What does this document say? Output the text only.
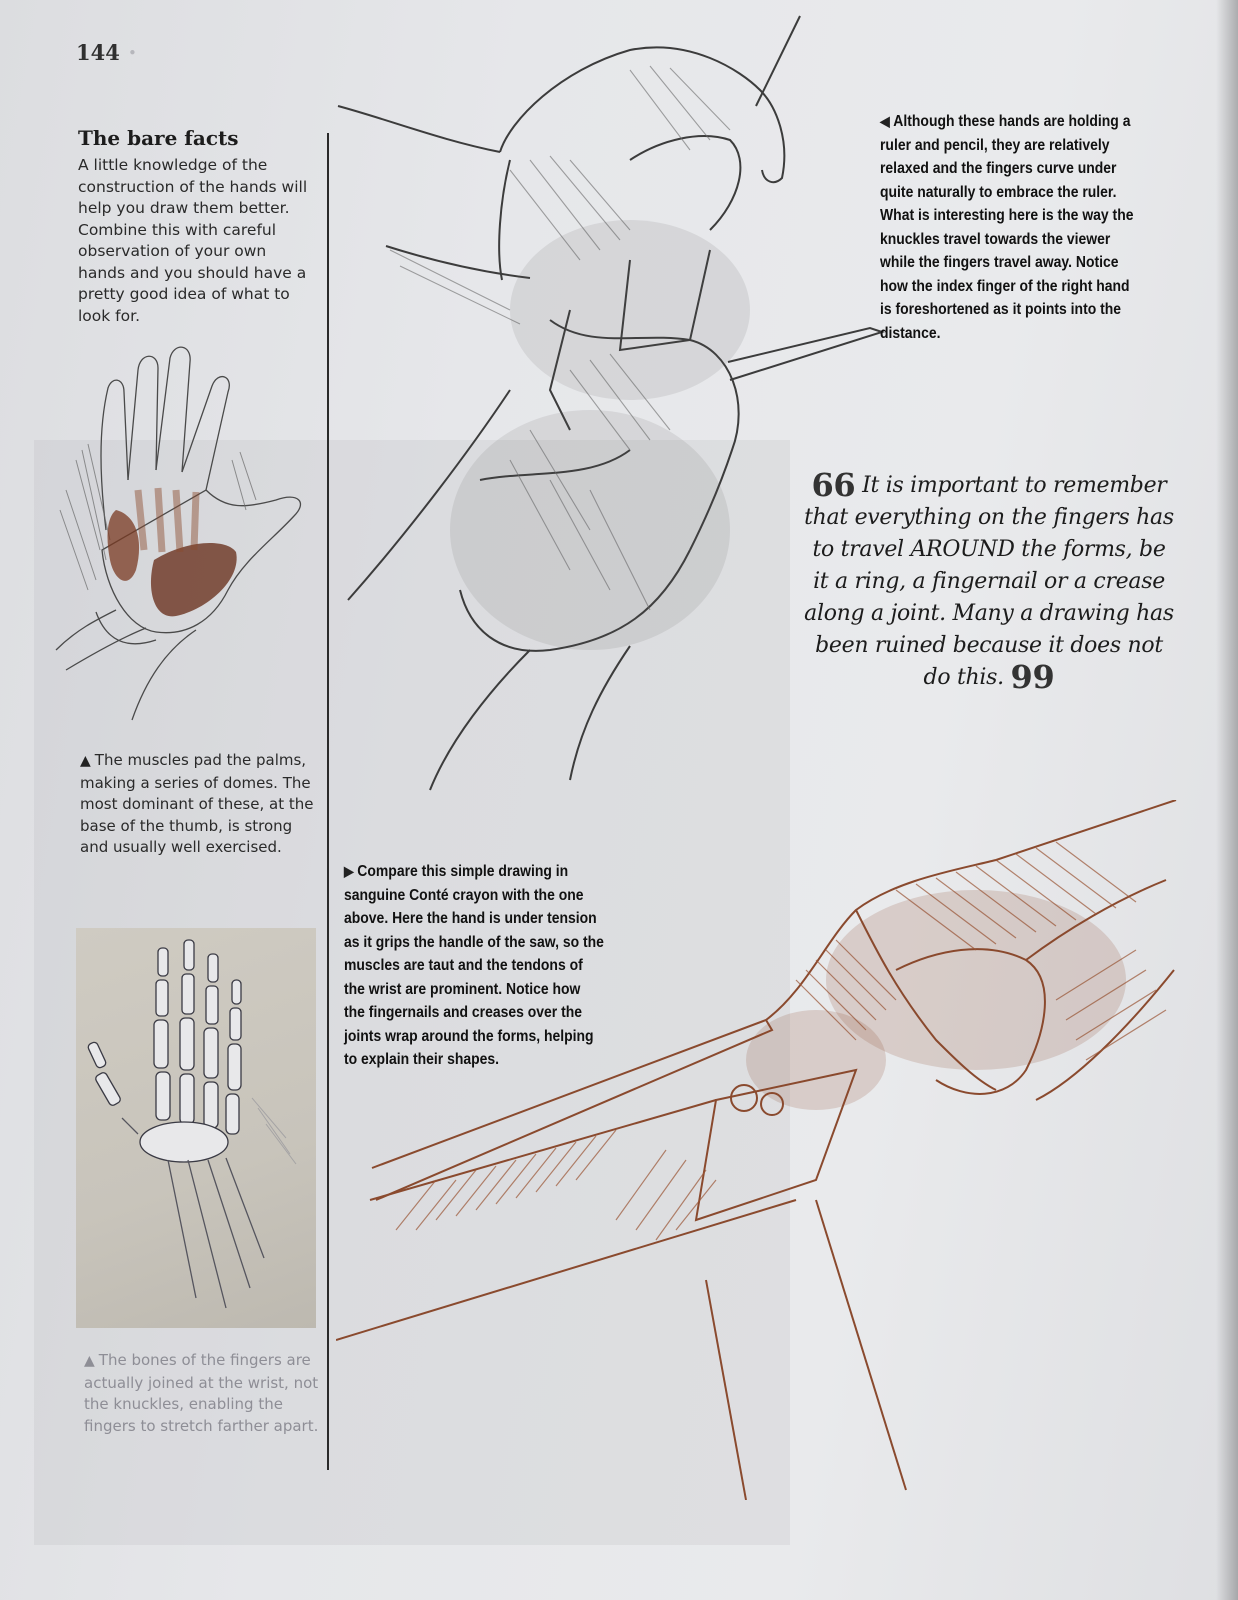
144 •
The bare facts
A little knowledge of the construction of the hands will help you draw them better. Combine this with careful observation of your own hands and you should have a pretty good idea of what to look for.
▲ The muscles pad the palms, making a series of domes. The most dominant of these, at the base of the thumb, is strong and usually well exercised.
▲ The bones of the fingers are actually joined at the wrist, not the knuckles, enabling the fingers to stretch farther apart.
◀ Although these hands are holding a ruler and pencil, they are relatively relaxed and the fingers curve under quite naturally to embrace the ruler. What is interesting here is the way the knuckles travel towards the viewer while the fingers travel away. Notice how the index finger of the right hand is foreshortened as it points into the distance.
66 It is important to remember that everything on the fingers has to travel AROUND the forms, be it a ring, a fingernail or a crease along a joint. Many a drawing has been ruined because it does not do this. 99
▶ Compare this simple drawing in sanguine Conté crayon with the one above. Here the hand is under tension as it grips the handle of the saw, so the muscles are taut and the tendons of the wrist are prominent. Notice how the fingernails and creases over the joints wrap around the forms, helping to explain their shapes.
